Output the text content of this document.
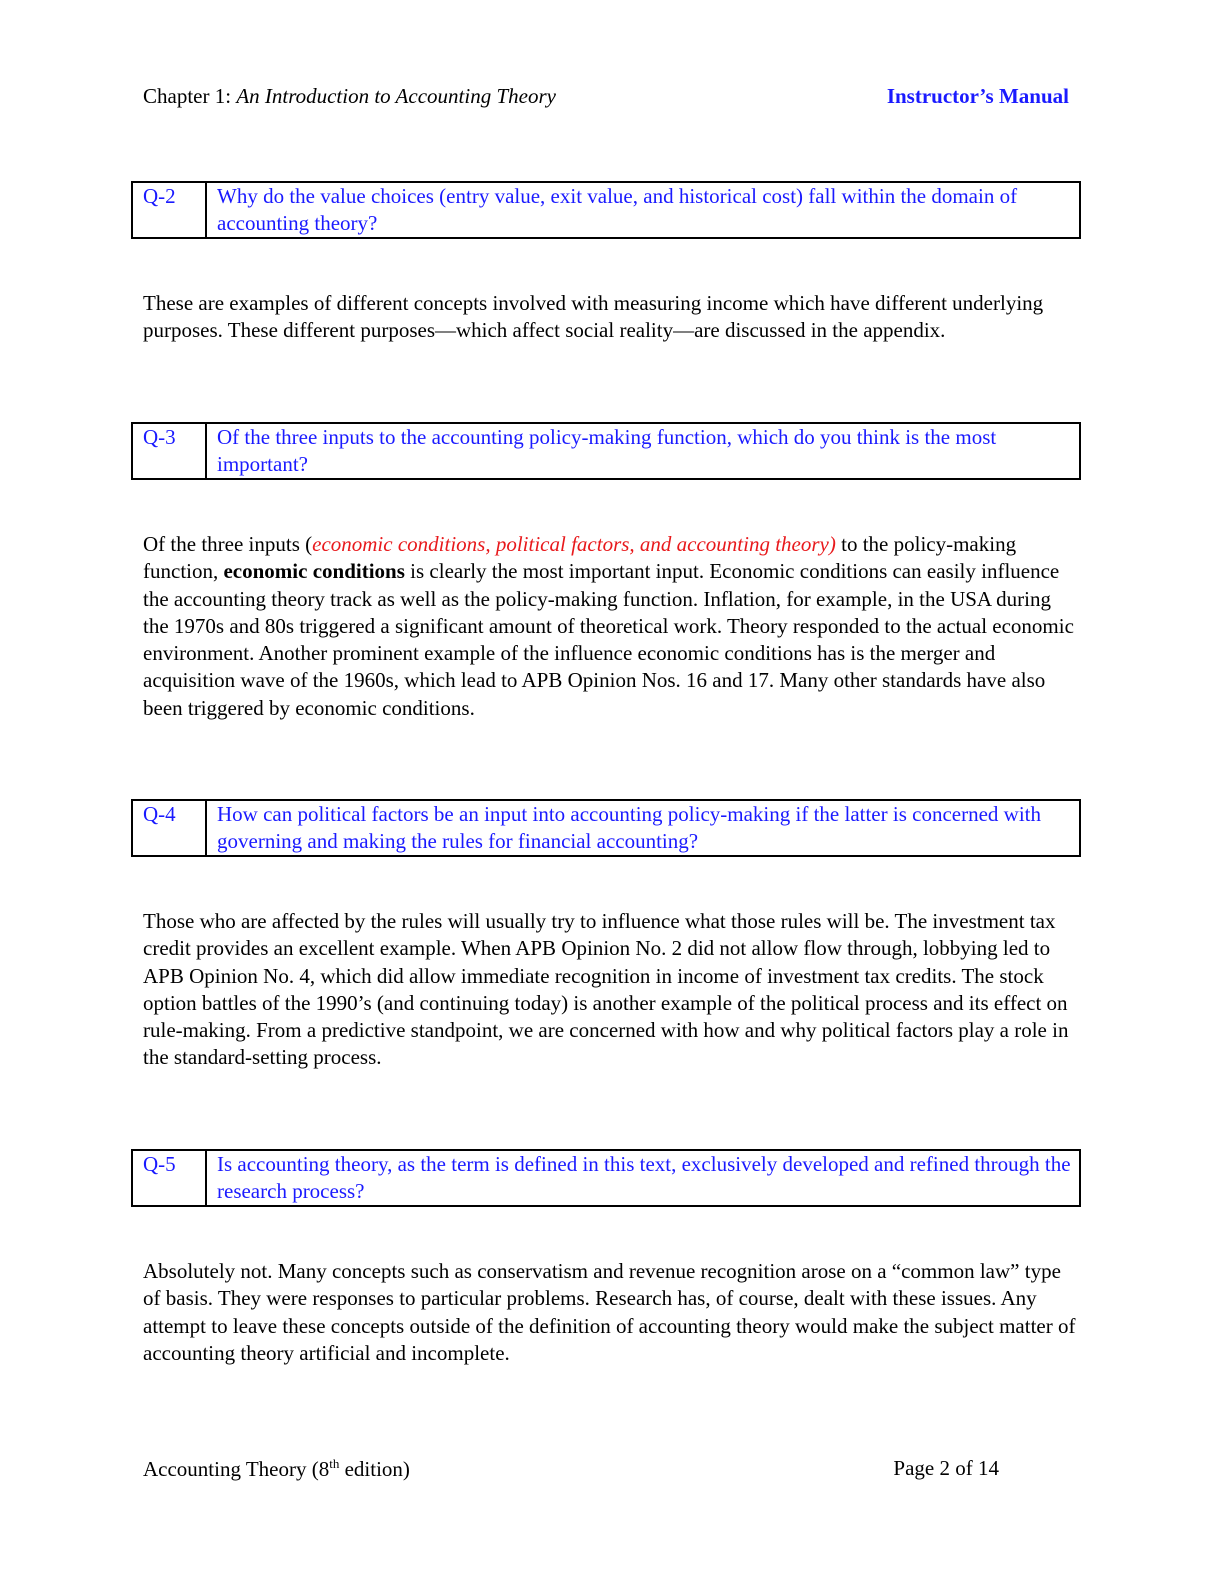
Chapter 1: An Introduction to Accounting Theory	Instructor’s Manual
Q-2	Why do the value choices (entry value, exit value, and historical cost) fall within the domain of accounting theory?

These are examples of different concepts involved with measuring income which have different underlying purposes. These different purposes—which affect social reality—are discussed in the appendix.

Q-3	Of the three inputs to the accounting policy-making function, which do you think is the most important?

Of the three inputs (economic conditions, political factors, and accounting theory) to the policy-making function, economic conditions is clearly the most important input. Economic conditions can easily influence the accounting theory track as well as the policy-making function. Inflation, for example, in the USA during the 1970s and 80s triggered a significant amount of theoretical work. Theory responded to the actual economic environment. Another prominent example of the influence economic conditions has is the merger and acquisition wave of the 1960s, which lead to APB Opinion Nos. 16 and 17. Many other standards have also been triggered by economic conditions.

Q-4	How can political factors be an input into accounting policy-making if the latter is concerned with governing and making the rules for financial accounting?

Those who are affected by the rules will usually try to influence what those rules will be. The investment tax credit provides an excellent example. When APB Opinion No. 2 did not allow flow through, lobbying led to APB Opinion No. 4, which did allow immediate recognition in income of investment tax credits. The stock option battles of the 1990’s (and continuing today) is another example of the political process and its effect on rule-making. From a predictive standpoint, we are concerned with how and why political factors play a role in the standard-setting process.

Q-5	Is accounting theory, as the term is defined in this text, exclusively developed and refined through the research process?

Absolutely not. Many concepts such as conservatism and revenue recognition arose on a “common law” type of basis. They were responses to particular problems. Research has, of course, dealt with these issues. Any attempt to leave these concepts outside of the definition of accounting theory would make the subject matter of accounting theory artificial and incomplete.

Accounting Theory (8th edition)	Page 2 of 14
